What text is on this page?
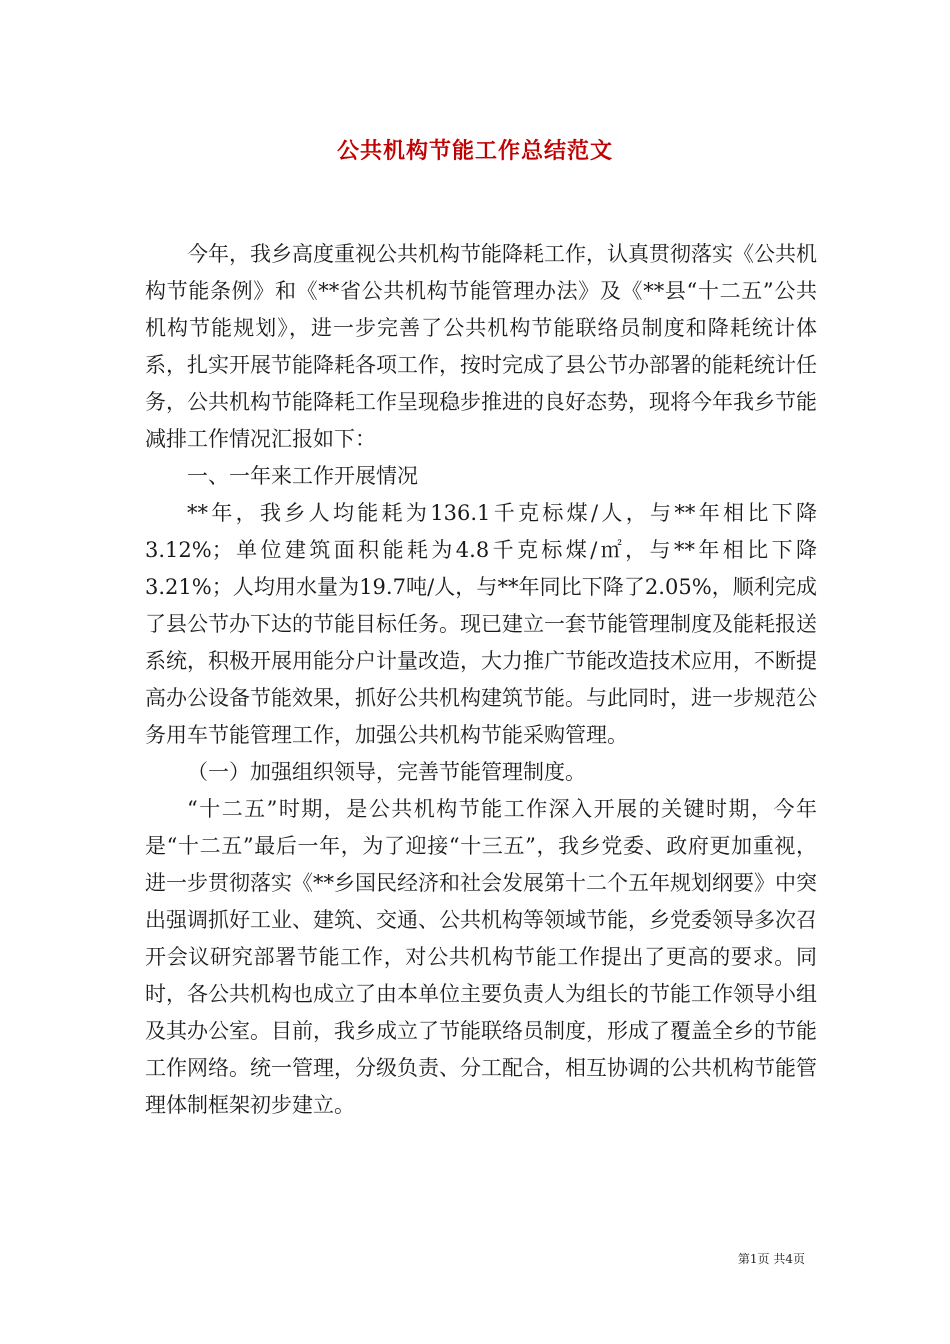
公共机构节能工作总结范文

今年，我乡高度重视公共机构节能降耗工作，认真贯彻落实《公共机构节能条例》和《**省公共机构节能管理办法》及《**县“十二五”公共机构节能规划》，进一步完善了公共机构节能联络员制度和降耗统计体系，扎实开展节能降耗各项工作，按时完成了县公节办部署的能耗统计任务，公共机构节能降耗工作呈现稳步推进的良好态势，现将今年我乡节能减排工作情况汇报如下：

一、一年来工作开展情况

**年，我乡人均能耗为136.1千克标煤/人，与**年相比下降3.12%；单位建筑面积能耗为4.8千克标煤/㎡，与**年相比下降3.21%；人均用水量为19.7吨/人，与**年同比下降了2.05%，顺利完成了县公节办下达的节能目标任务。现已建立一套节能管理制度及能耗报送系统，积极开展用能分户计量改造，大力推广节能改造技术应用，不断提高办公设备节能效果，抓好公共机构建筑节能。与此同时，进一步规范公务用车节能管理工作，加强公共机构节能采购管理。

（一）加强组织领导，完善节能管理制度。

“十二五”时期，是公共机构节能工作深入开展的关键时期，今年是“十二五”最后一年，为了迎接“十三五”，我乡党委、政府更加重视，进一步贯彻落实《**乡国民经济和社会发展第十二个五年规划纲要》中突出强调抓好工业、建筑、交通、公共机构等领域节能，乡党委领导多次召开会议研究部署节能工作，对公共机构节能工作提出了更高的要求。同时，各公共机构也成立了由本单位主要负责人为组长的节能工作领导小组及其办公室。目前，我乡成立了节能联络员制度，形成了覆盖全乡的节能工作网络。统一管理，分级负责、分工配合，相互协调的公共机构节能管理体制框架初步建立。

第1页 共4页
